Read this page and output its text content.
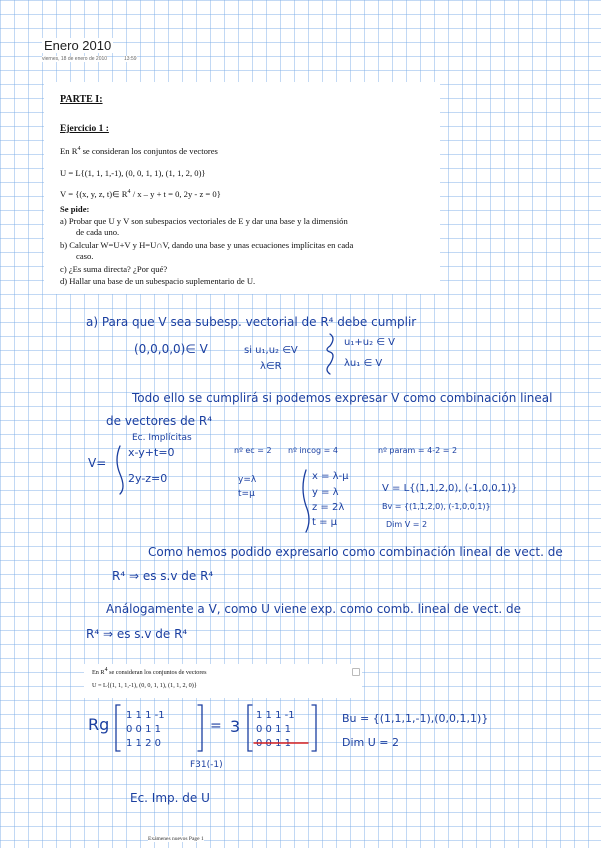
Enero 2010
viernes, 18 de enero de 2010	13:59
PARTE I:
Ejercicio 1 :
En $R^4$ se consideran los conjuntos de vectores
U = L{(1, 1, 1,-1), (0, 0, 1, 1), (1, 1, 2, 0)}
V = {(x, y, z, t)∈ $R^4 / x - y + t = 0$, 2y - z = 0}
Se pide:
a) Probar que U y V son subespacios vectoriales de E y dar una base y la dimensión
de cada uno.
b) Calcular W=U+V y H=U∩V, dando una base y unas ecuaciones implícitas en cada
caso.
c) ¿Es suma directa? ¿Por qué?
d) Hallar una base de un subespacio suplementario de U.
a) Para que V sea subesp. vectorial de R⁴ debe cumplir
(0,0,0,0)∈ V	si u₁,u₂ ∈V
u₁+u₂ ∈ V
λ∈R	λu₁ ∈ V
Todo ello se cumplirá si podemos expresar V como combinación lineal
de vectores de R⁴
Ec. Implícitas
V=
x-y+t=0	nº ec = 2 nº incog = 4	nº param = 4-2 = 2
2y-z=0	y=λ
t=μ
x = λ-μ
y = λ
z = 2λ
t = μ
V = L{(1,1,2,0), (-1,0,0,1)}
Bv = {(1,1,2,0), (-1,0,0,1)}
Dim V = 2
Como hemos podido expresarlo como combinación lineal de vect. de
R⁴ ⇒ es s.v de R⁴
Análogamente a V, como U viene exp. como comb. lineal de vect. de
R⁴ ⇒ es s.v de R⁴
Rg 1 1 1 -1
0 0 1 1
1 1 2 0
= 3
1 1 1 -1
0 0 1 1
0 0 1 1
F31(-1)
Bu = {(1,1,1,-1),(0,0,1,1)}
Dim U = 2
Ec. Imp. de U
En $R^4$ se consideran los conjuntos de vectores
U = L{(1, 1, 1,-1), (0, 0, 1, 1), (1, 1, 2, 0)}
Exámenes nuevos Page 1
